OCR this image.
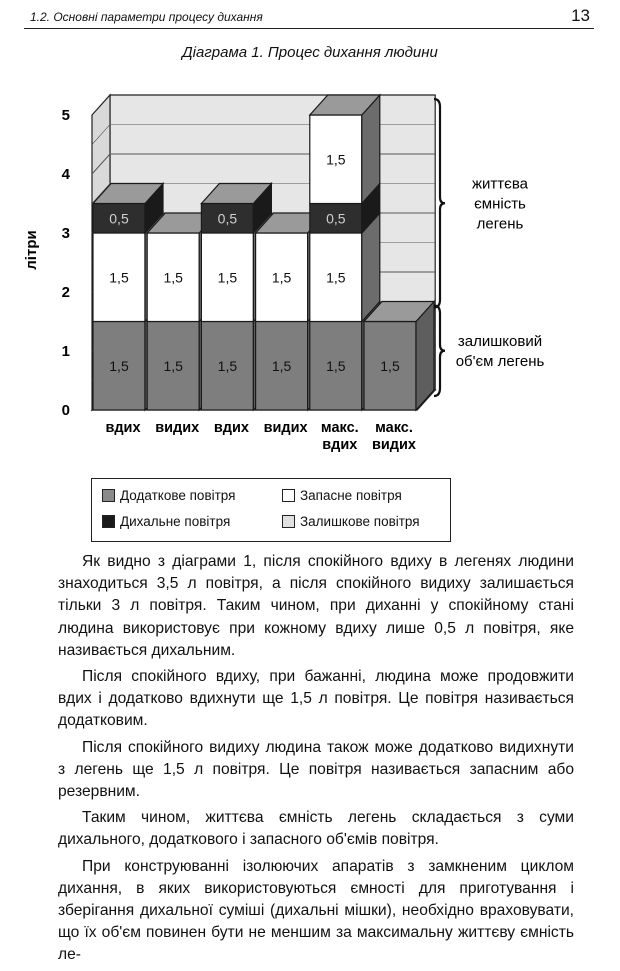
1.2. Основні параметри процесу дихання	13
Діаграма 1. Процес дихання людини
0
1
2
3
4
5
літри
1,5
1,5
0,5
вдих
1,5
1,5
видих
1,5
1,5
0,5
вдих
1,5
1,5
видих
1,5
1,5
0,5
1,5
макс.
вдих
1,5
макс.
видих
життєва
ємність
легень
залишковий
об'єм легень
Додаткове повітря	Запасне повітря
Дихальне повітря	Залишкове повітря

Як видно з діаграми 1, після спокійного вдиху в легенях людини знаходиться 3,5 л повітря, а після спокійного видиху залишається тільки 3 л повітря. Таким чином, при диханні у спокійному стані людина використовує при кожному вдиху лише 0,5 л повітря, яке називається дихальним.

Після спокійного вдиху, при бажанні, людина може продовжити вдих і додатково вдихнути ще 1,5 л повітря. Це повітря називається додатковим.

Після спокійного видиху людина також може додатково видихнути з легень ще 1,5 л повітря. Це повітря називається запасним або резервним.

Таким чином, життєва ємність легень складається з суми дихального, додаткового і запасного об'ємів повітря.

При конструюванні ізолюючих апаратів з замкненим циклом дихання, в яких використовуються ємності для приготування і зберігання дихальної суміші (дихальні мішки), необхідно враховувати, що їх об'єм повинен бути не меншим за максимальну життєву ємність ле-
